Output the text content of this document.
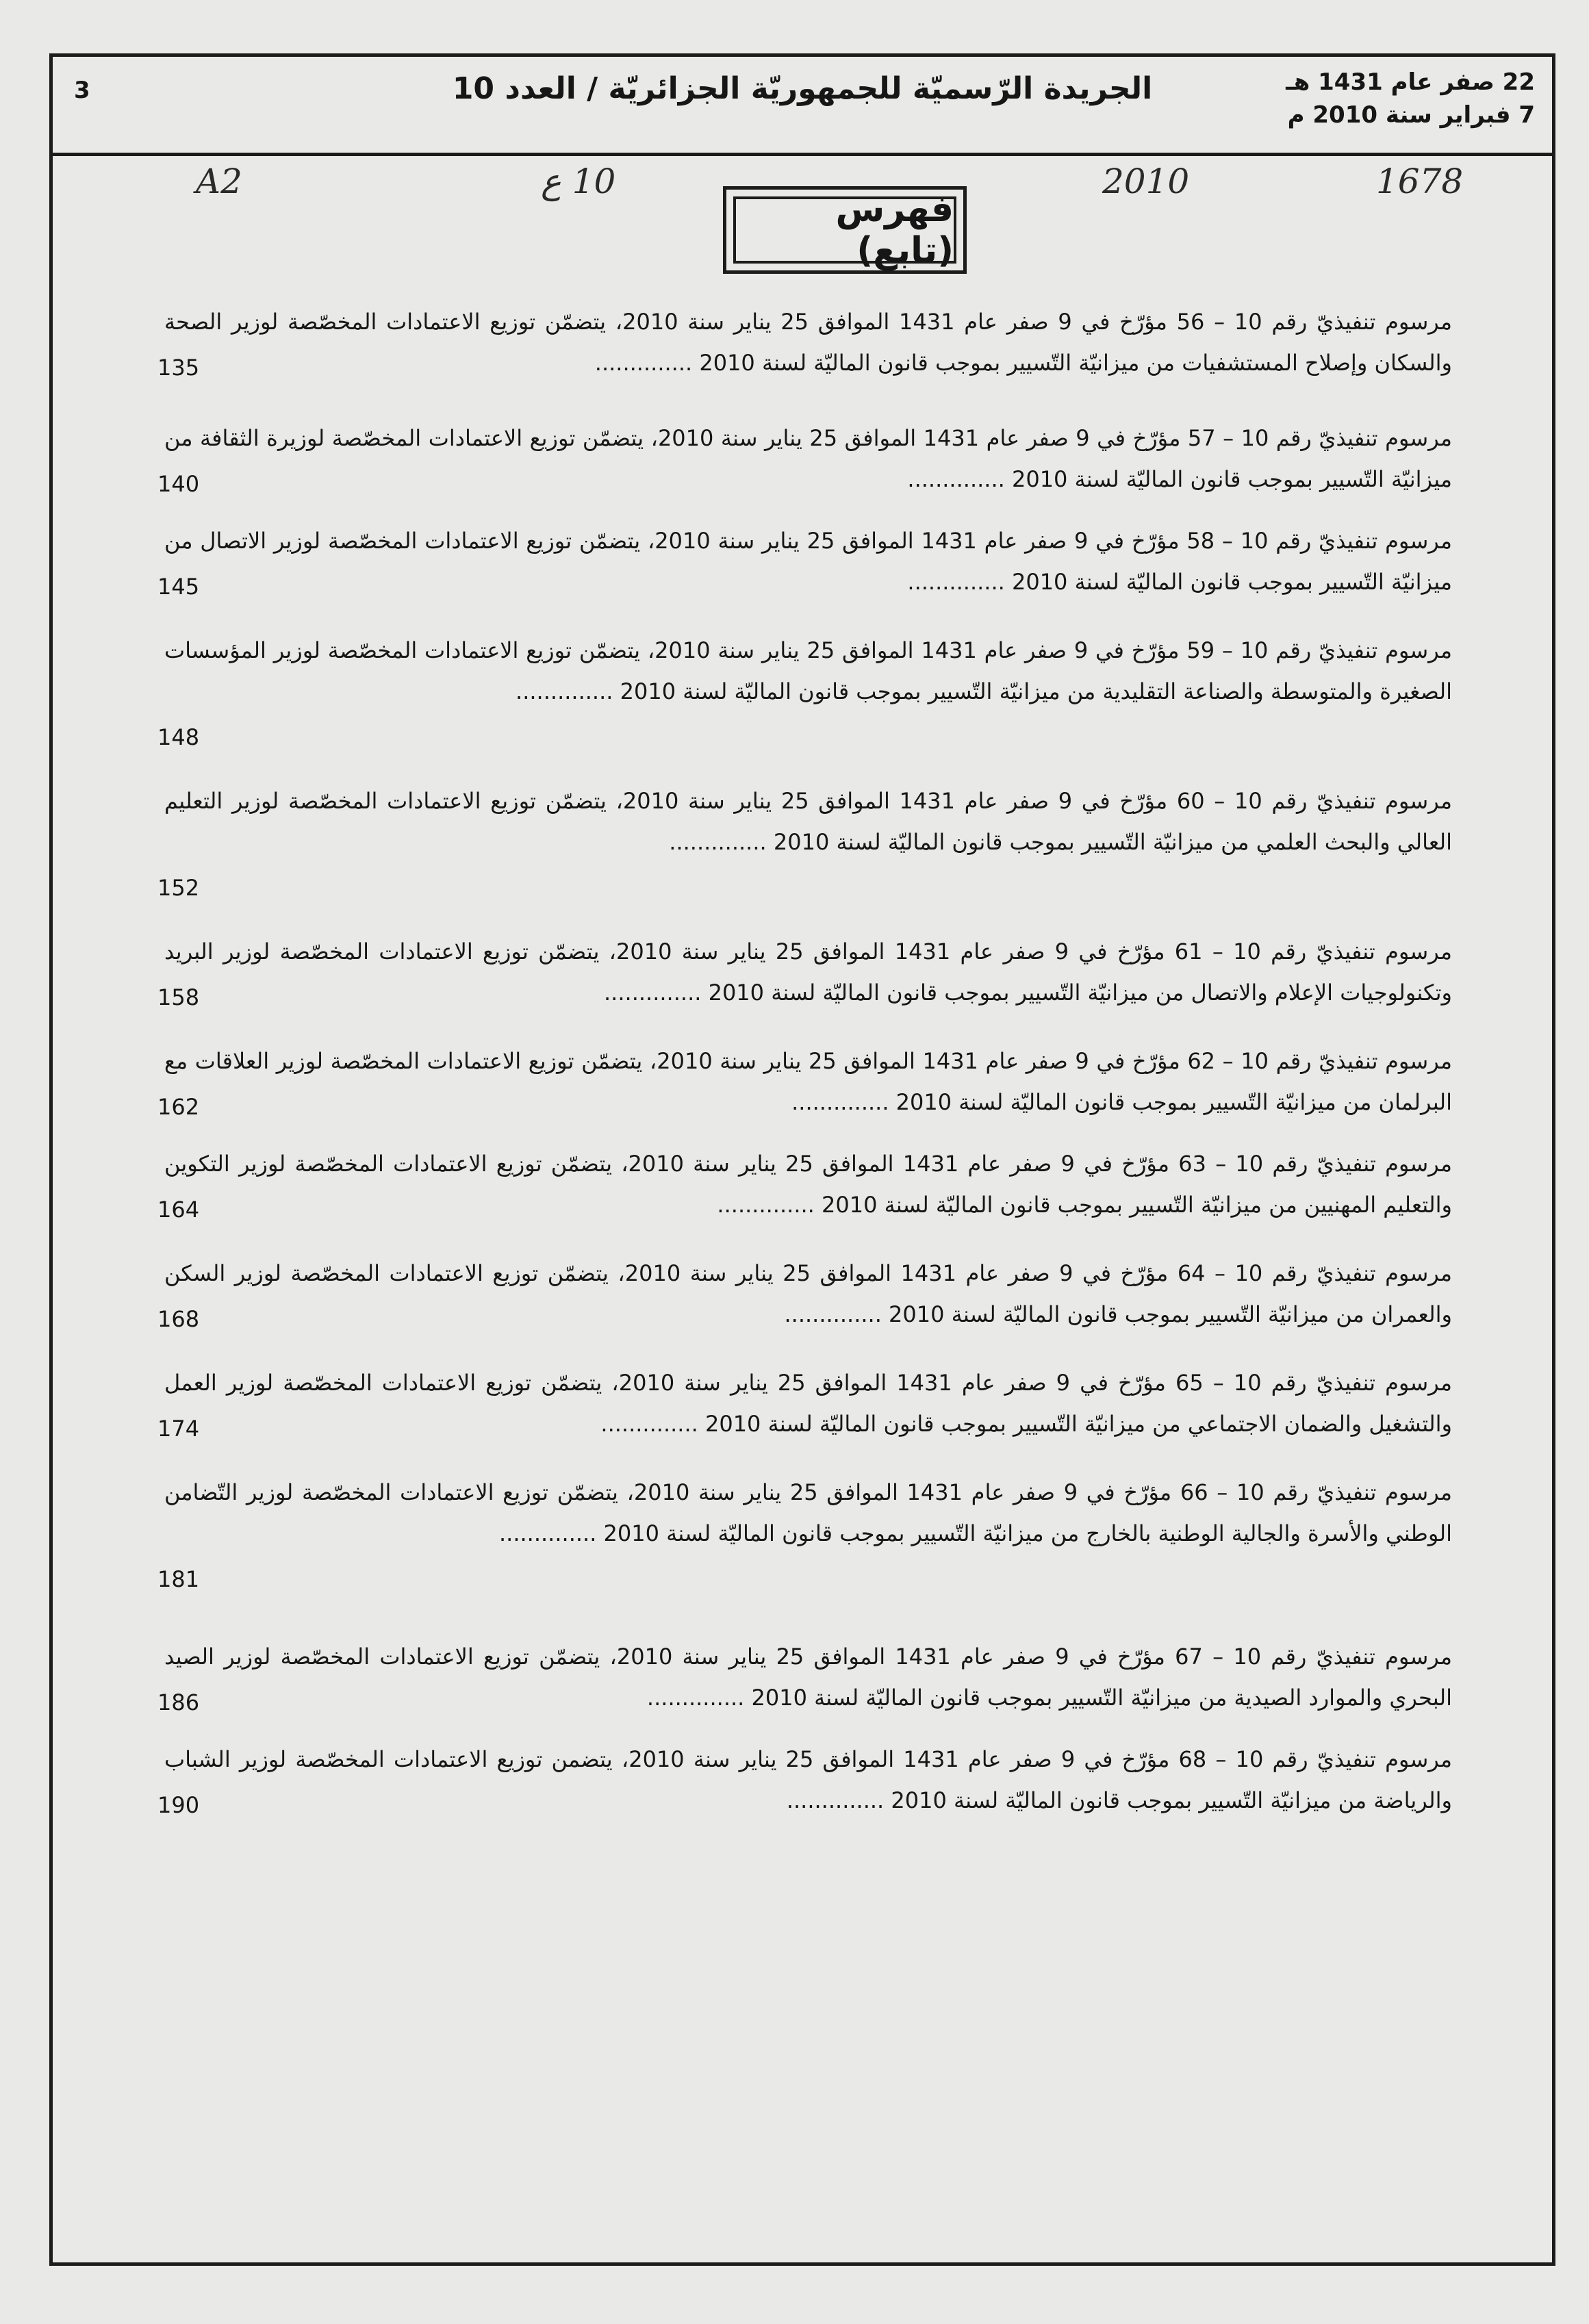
3	الجريدة الرّسميّة للجمهوريّة الجزائريّة / العدد 10	22 صفر عام 1431 هـ
7 فبراير سنة 2010 م
A2	10 ع	2010	1678
فهرس (تابع)
مرسوم تنفيذيّ رقم 10 – 56 مؤرّخ في 9 صفر عام 1431 الموافق 25 يناير سنة 2010، يتضمّن توزيع الاعتمادات المخصّصة لوزير الصحة والسكان وإصلاح المستشفيات من ميزانيّة التّسيير بموجب قانون الماليّة لسنة 2010 ..............
135
مرسوم تنفيذيّ رقم 10 – 57 مؤرّخ في 9 صفر عام 1431 الموافق 25 يناير سنة 2010، يتضمّن توزيع الاعتمادات المخصّصة لوزيرة الثقافة من ميزانيّة التّسيير بموجب قانون الماليّة لسنة 2010 ..............
140
مرسوم تنفيذيّ رقم 10 – 58 مؤرّخ في 9 صفر عام 1431 الموافق 25 يناير سنة 2010، يتضمّن توزيع الاعتمادات المخصّصة لوزير الاتصال من ميزانيّة التّسيير بموجب قانون الماليّة لسنة 2010 ..............
145
مرسوم تنفيذيّ رقم 10 – 59 مؤرّخ في 9 صفر عام 1431 الموافق 25 يناير سنة 2010، يتضمّن توزيع الاعتمادات المخصّصة لوزير المؤسسات الصغيرة والمتوسطة والصناعة التقليدية من ميزانيّة التّسيير بموجب قانون الماليّة لسنة 2010 ..............
148
مرسوم تنفيذيّ رقم 10 – 60 مؤرّخ في 9 صفر عام 1431 الموافق 25 يناير سنة 2010، يتضمّن توزيع الاعتمادات المخصّصة لوزير التعليم العالي والبحث العلمي من ميزانيّة التّسيير بموجب قانون الماليّة لسنة 2010 ..............
152
مرسوم تنفيذيّ رقم 10 – 61 مؤرّخ في 9 صفر عام 1431 الموافق 25 يناير سنة 2010، يتضمّن توزيع الاعتمادات المخصّصة لوزير البريد وتكنولوجيات الإعلام والاتصال من ميزانيّة التّسيير بموجب قانون الماليّة لسنة 2010 ..............
158
مرسوم تنفيذيّ رقم 10 – 62 مؤرّخ في 9 صفر عام 1431 الموافق 25 يناير سنة 2010، يتضمّن توزيع الاعتمادات المخصّصة لوزير العلاقات مع البرلمان من ميزانيّة التّسيير بموجب قانون الماليّة لسنة 2010 ..............
162
مرسوم تنفيذيّ رقم 10 – 63 مؤرّخ في 9 صفر عام 1431 الموافق 25 يناير سنة 2010، يتضمّن توزيع الاعتمادات المخصّصة لوزير التكوين والتعليم المهنيين من ميزانيّة التّسيير بموجب قانون الماليّة لسنة 2010 ..............
164
مرسوم تنفيذيّ رقم 10 – 64 مؤرّخ في 9 صفر عام 1431 الموافق 25 يناير سنة 2010، يتضمّن توزيع الاعتمادات المخصّصة لوزير السكن والعمران من ميزانيّة التّسيير بموجب قانون الماليّة لسنة 2010 ..............
168
مرسوم تنفيذيّ رقم 10 – 65 مؤرّخ في 9 صفر عام 1431 الموافق 25 يناير سنة 2010، يتضمّن توزيع الاعتمادات المخصّصة لوزير العمل والتشغيل والضمان الاجتماعي من ميزانيّة التّسيير بموجب قانون الماليّة لسنة 2010 ..............
174
مرسوم تنفيذيّ رقم 10 – 66 مؤرّخ في 9 صفر عام 1431 الموافق 25 يناير سنة 2010، يتضمّن توزيع الاعتمادات المخصّصة لوزير التّضامن الوطني والأسرة والجالية الوطنية بالخارج من ميزانيّة التّسيير بموجب قانون الماليّة لسنة 2010 ..............
181
مرسوم تنفيذيّ رقم 10 – 67 مؤرّخ في 9 صفر عام 1431 الموافق 25 يناير سنة 2010، يتضمّن توزيع الاعتمادات المخصّصة لوزير الصيد البحري والموارد الصيدية من ميزانيّة التّسيير بموجب قانون الماليّة لسنة 2010 ..............
186
مرسوم تنفيذيّ رقم 10 – 68 مؤرّخ في 9 صفر عام 1431 الموافق 25 يناير سنة 2010، يتضمن توزيع الاعتمادات المخصّصة لوزير الشباب والرياضة من ميزانيّة التّسيير بموجب قانون الماليّة لسنة 2010 ..............
190
